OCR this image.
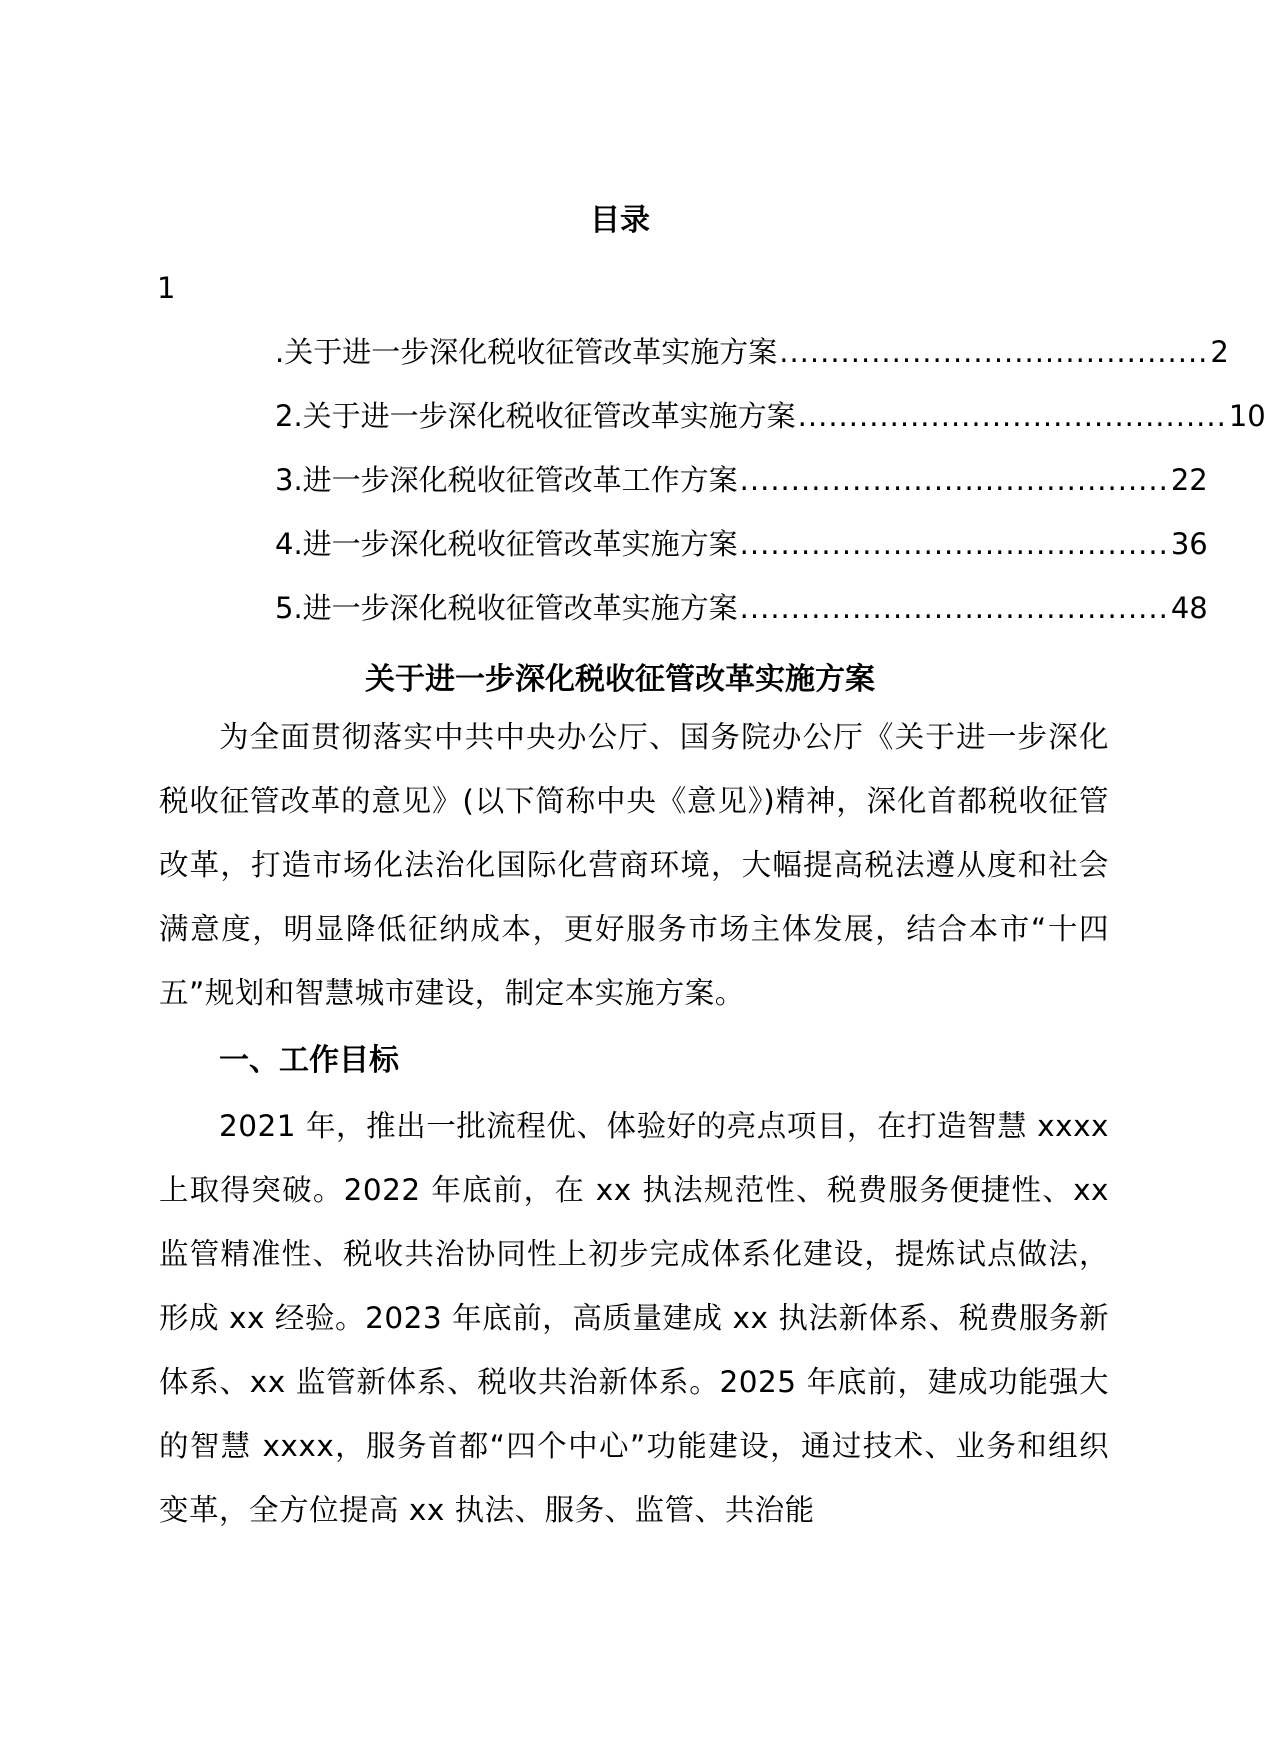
目录
1
.关于进一步深化税收征管改革实施方案 .......................................... 2
2.关于进一步深化税收征管改革实施方案 .......................................... 10
3.进一步深化税收征管改革工作方案 .......................................... 22
4.进一步深化税收征管改革实施方案 .......................................... 36
5.进一步深化税收征管改革实施方案 .......................................... 48
关于进一步深化税收征管改革实施方案

为全面贯彻落实中共中央办公厅、国务院办公厅《关于进一步深化税收征管改革的意见》(以下简称中央《意见》)精神，深化首都税收征管改革，打造市场化法治化国际化营商环境，大幅提高税法遵从度和社会满意度，明显降低征纳成本，更好服务市场主体发展，结合本市“十四五”规划和智慧城市建设，制定本实施方案。

一、工作目标

2021 年，推出一批流程优、体验好的亮点项目，在打造智慧 xxxx 上取得突破。2022 年底前，在 xx 执法规范性、税费服务便捷性、xx 监管精准性、税收共治协同性上初步完成体系化建设，提炼试点做法，形成 xx 经验。2023 年底前，高质量建成 xx 执法新体系、税费服务新体系、xx 监管新体系、税收共治新体系。2025 年底前，建成功能强大的智慧 xxxx，服务首都“四个中心”功能建设，通过技术、业务和组织变革，全方位提高 xx 执法、服务、监管、共治能
